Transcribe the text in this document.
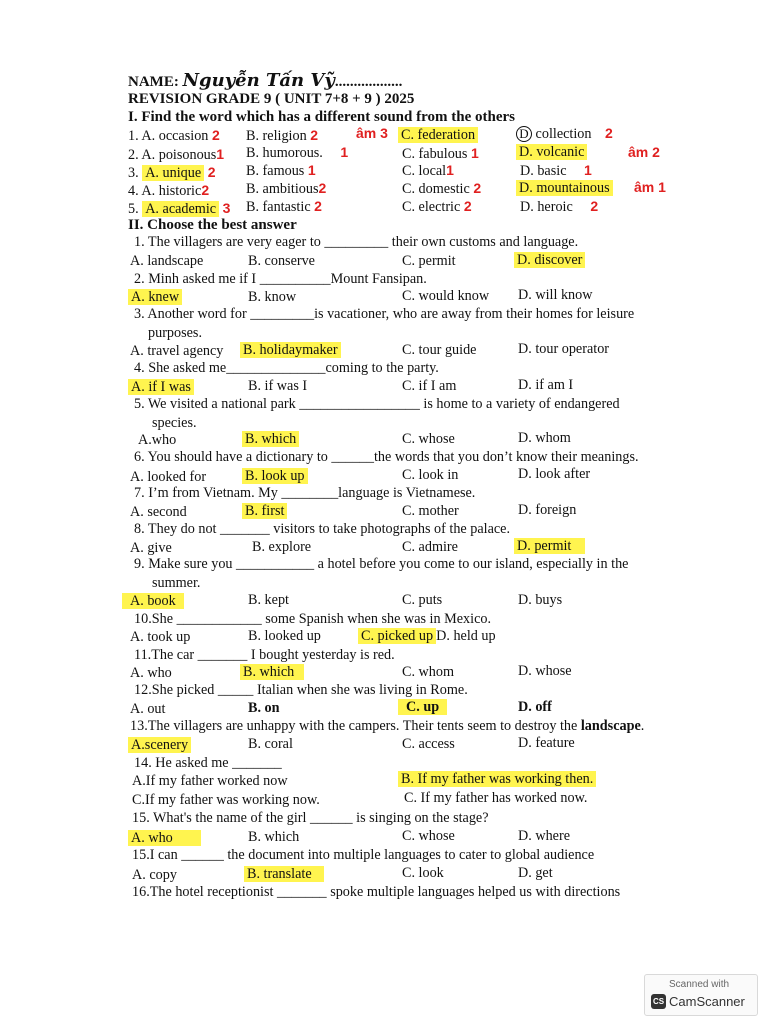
NAME: Nguyễn Tấn Vỹ..................
REVISION GRADE 9 ( UNIT 7+8 + 9 ) 2025
I. Find the word which has a different sound from the others
1. A. occasion 2 B. religion 2	âm 3 C. federation	D collection 2
2. A. poisonous1 B. humorous. 1	C. fabulous 1	D. volcanic	âm 2
3. A. unique 2 B. famous 1	C. local1	D. basic 1
4. A. historic2	B. ambitious2	C. domestic 2	D. mountainous âm 1
5. A. academic 3 B. fantastic 2	C. electric 2	D. heroic 2
II. Choose the best answer
1. The villagers are very eager to _________ their own customs and language.
A. landscape	B. conserve	C. permit	D. discover
2. Minh asked me if I __________Mount Fansipan.
A. knew	B. know	C. would know D. will know
3. Another word for _________is vacationer, who are away from their homes for leisure
purposes.
A. travel agency B. holidaymaker	C. tour guide	D. tour operator
4. She asked me______________coming to the party.
A. if I was	B. if was I	C. if I am	D. if am I
5. We visited a national park _________________ is home to a variety of endangered
species.
A.who	B. which	C. whose	D. whom
6. You should have a dictionary to ______the words that you don’t know their meanings.
A. looked for	B. look up	C. look in	D. look after
7. I’m from Vietnam. My ________language is Vietnamese.
A. second	B. first	C. mother	D. foreign
8. They do not _______ visitors to take photographs of the palace.
A. give	B. explore	C. admire	D. permit
9. Make sure you ___________ a hotel before you come to our island, especially in the
summer.
A. book	B. kept	C. puts	D. buys
10.She ____________ some Spanish when she was in Mexico.
A. took up	B. looked up	C. picked up D. held up
11.The car _______ I bought yesterday is red.
A. who	B. which	C. whom	D. whose
12.She picked _____ Italian when she was living in Rome.
A. out	B. on	C. up	D. off
13.The villagers are unhappy with the campers. Their tents seem to destroy the landscape.
A.scenery	B. coral	C. access	D. feature
14. He asked me _______
A.If my father worked now	B. If my father was working then.
C.If my father was working now.	C. If my father has worked now.
15. What's the name of the girl ______ is singing on the stage?
A. who	B. which	C. whose	D. where
15.I can ______ the document into multiple languages to cater to global audience
A. copy	B. translate	C. look	D. get
16.The hotel receptionist _______ spoke multiple languages helped us with directions
Scanned with
CS CamScanner
